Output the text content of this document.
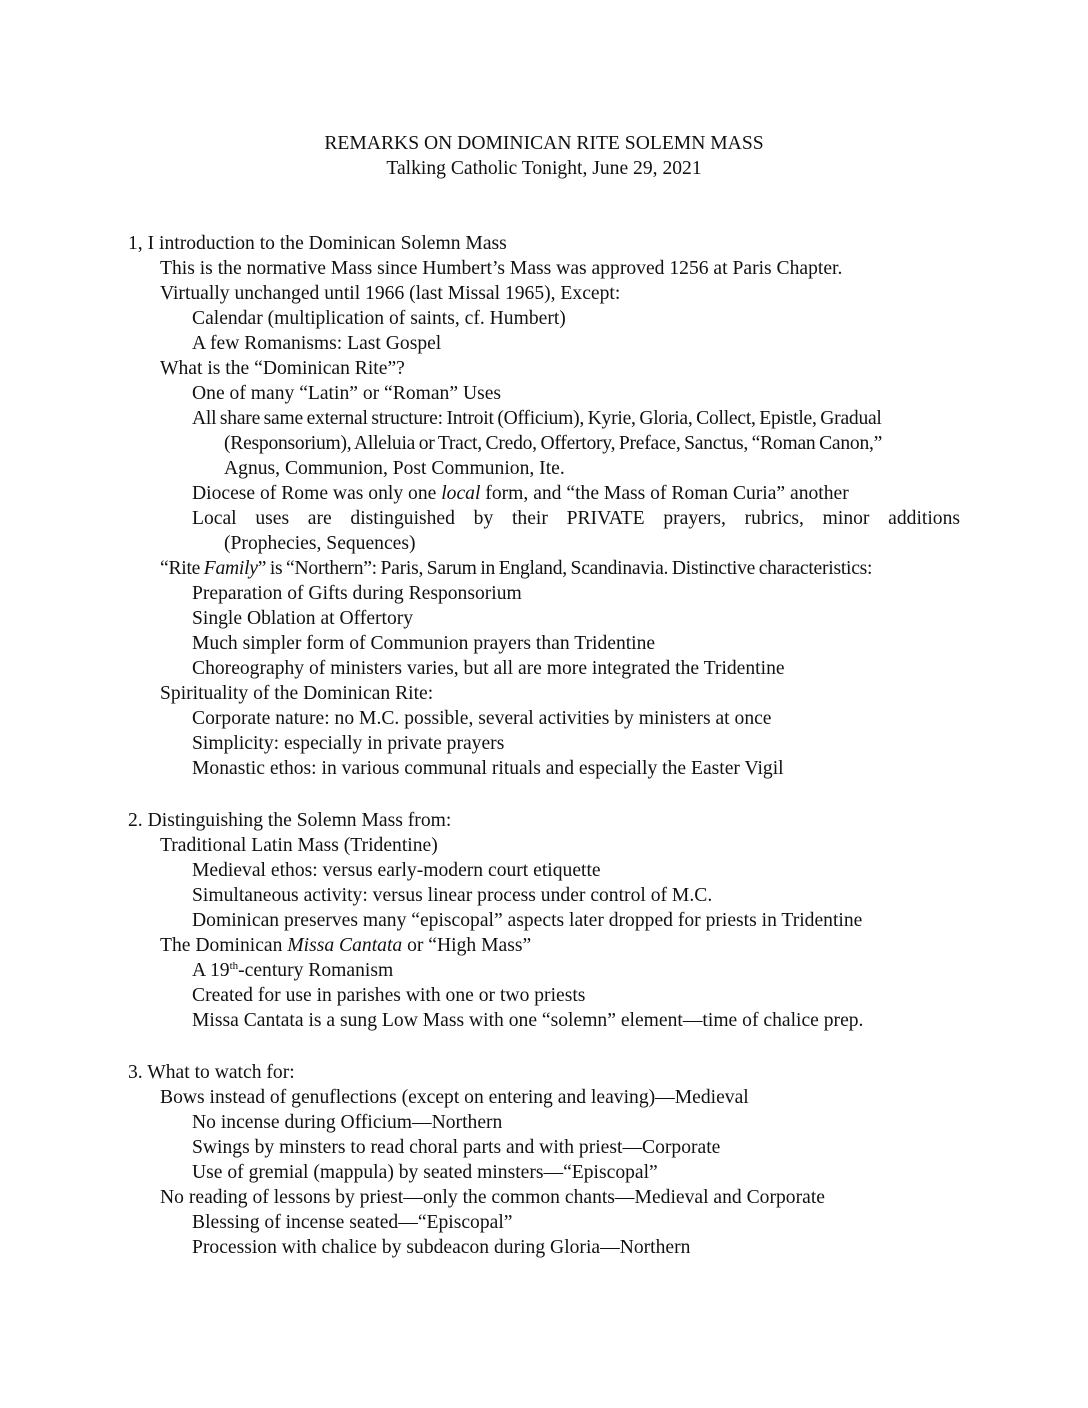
REMARKS ON DOMINICAN RITE SOLEMN MASS
Talking Catholic Tonight, June 29, 2021
1, I introduction to the Dominican Solemn Mass
This is the normative Mass since Humbert’s Mass was approved 1256 at Paris Chapter.
Virtually unchanged until 1966 (last Missal 1965), Except:
Calendar (multiplication of saints, cf. Humbert)
A few Romanisms: Last Gospel
What is the “Dominican Rite”?
One of many “Latin” or “Roman” Uses
All share same external structure: Introit (Officium), Kyrie, Gloria, Collect, Epistle, Gradual
(Responsorium), Alleluia or Tract, Credo, Offertory, Preface, Sanctus, “Roman Canon,”
Agnus, Communion, Post Communion, Ite.
Diocese of Rome was only one local form, and “the Mass of Roman Curia” another
Local uses are distinguished by their PRIVATE prayers, rubrics, minor additions
(Prophecies, Sequences)
“Rite Family” is “Northern”: Paris, Sarum in England, Scandinavia. Distinctive characteristics:
Preparation of Gifts during Responsorium
Single Oblation at Offertory
Much simpler form of Communion prayers than Tridentine
Choreography of ministers varies, but all are more integrated the Tridentine
Spirituality of the Dominican Rite:
Corporate nature: no M.C. possible, several activities by ministers at once
Simplicity: especially in private prayers
Monastic ethos: in various communal rituals and especially the Easter Vigil
2. Distinguishing the Solemn Mass from:
Traditional Latin Mass (Tridentine)
Medieval ethos: versus early-modern court etiquette
Simultaneous activity: versus linear process under control of M.C.
Dominican preserves many “episcopal” aspects later dropped for priests in Tridentine
The Dominican Missa Cantata or “High Mass”
A 19th-century Romanism
Created for use in parishes with one or two priests
Missa Cantata is a sung Low Mass with one “solemn” element—time of chalice prep.
3. What to watch for:
Bows instead of genuflections (except on entering and leaving)—Medieval
No incense during Officium—Northern
Swings by minsters to read choral parts and with priest—Corporate
Use of gremial (mappula) by seated minsters—“Episcopal”
No reading of lessons by priest—only the common chants—Medieval and Corporate
Blessing of incense seated—“Episcopal”
Procession with chalice by subdeacon during Gloria—Northern
